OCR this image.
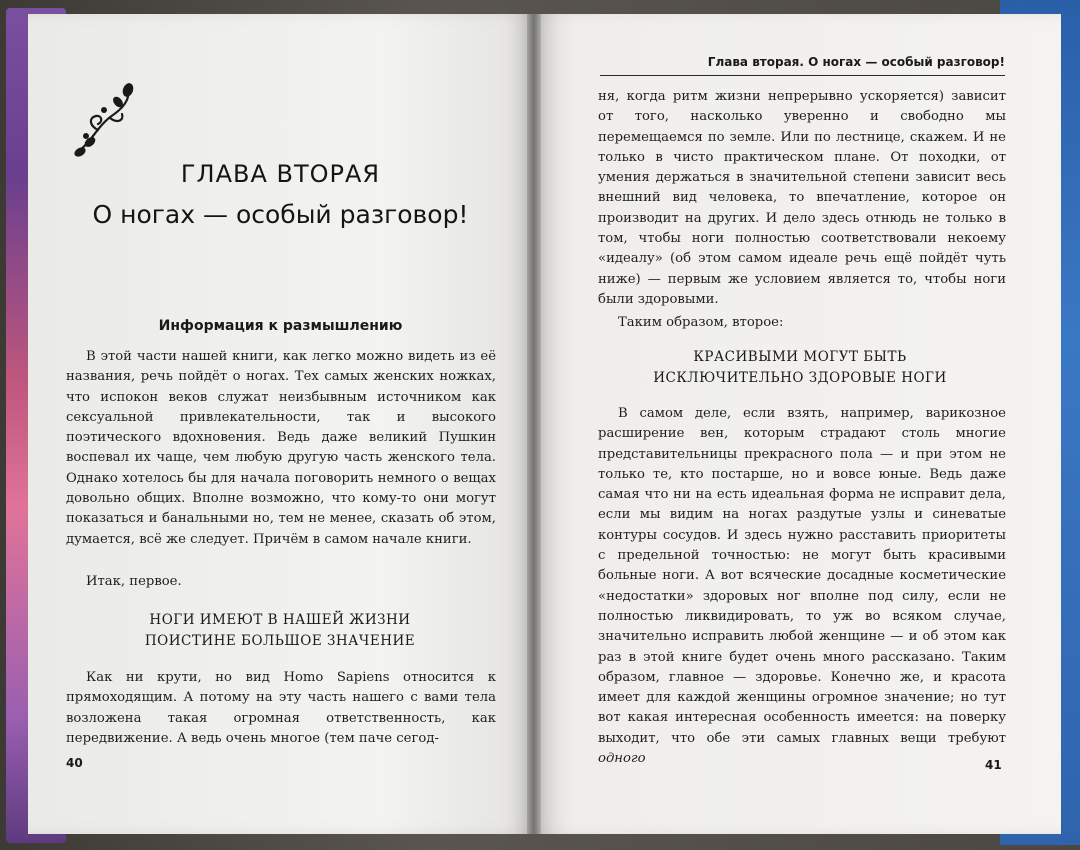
ГЛАВА ВТОРАЯ
О ногах — особый разговор!
Информация к размышлению

В этой части нашей книги, как легко можно видеть из её названия, речь пойдёт о ногах. Тех самых женских ножках, что испокон веков служат неизбывным источником как сексуальной привлекательности, так и высокого поэтического вдохновения. Ведь даже великий Пушкин воспевал их чаще, чем любую другую часть женского тела. Однако хотелось бы для начала поговорить немного о вещах довольно общих. Вполне возможно, что кому-то они могут показаться и банальными но, тем не менее, сказать об этом, думается, всё же следует. Причём в самом начале книги.

Итак, первое.

НОГИ ИМЕЮТ В НАШЕЙ ЖИЗНИ
ПОИСТИНЕ БОЛЬШОЕ ЗНАЧЕНИЕ

Как ни крути, но вид Homo Sapiens относится к прямоходящим. А потому на эту часть нашего с вами тела возложена такая огромная ответственность, как передвижение. А ведь очень многое (тем паче сегод-

40
Глава вторая. О ногах — особый разговор!

ня, когда ритм жизни непрерывно ускоряется) зависит от того, насколько уверенно и свободно мы перемещаемся по земле. Или по лестнице, скажем. И не только в чисто практическом плане. От походки, от умения держаться в значительной степени зависит весь внешний вид человека, то впечатление, которое он производит на других. И дело здесь отнюдь не только в том, чтобы ноги полностью соответствовали некоему «идеалу» (об этом самом идеале речь ещё пойдёт чуть ниже) — первым же условием является то, чтобы ноги были здоровыми.

Таким образом, второе:

КРАСИВЫМИ МОГУТ БЫТЬ
ИСКЛЮЧИТЕЛЬНО ЗДОРОВЫЕ НОГИ

В самом деле, если взять, например, варикозное расширение вен, которым страдают столь многие представительницы прекрасного пола — и при этом не только те, кто постарше, но и вовсе юные. Ведь даже самая что ни на есть идеальная форма не исправит дела, если мы видим на ногах раздутые узлы и синеватые контуры сосудов. И здесь нужно расставить приоритеты с предельной точностью: не могут быть красивыми больные ноги. А вот всяческие досадные косметические «недостатки» здоровых ног вполне под силу, если не полностью ликвидировать, то уж во всяком случае, значительно исправить любой женщине — и об этом как раз в этой книге будет очень много рассказано. Таким образом, главное — здоровье. Конечно же, и красота имеет для каждой женщины огромное значение; но тут вот какая интересная особенность имеется: на поверку выходит, что обе эти самых главных вещи требуют одного	41
